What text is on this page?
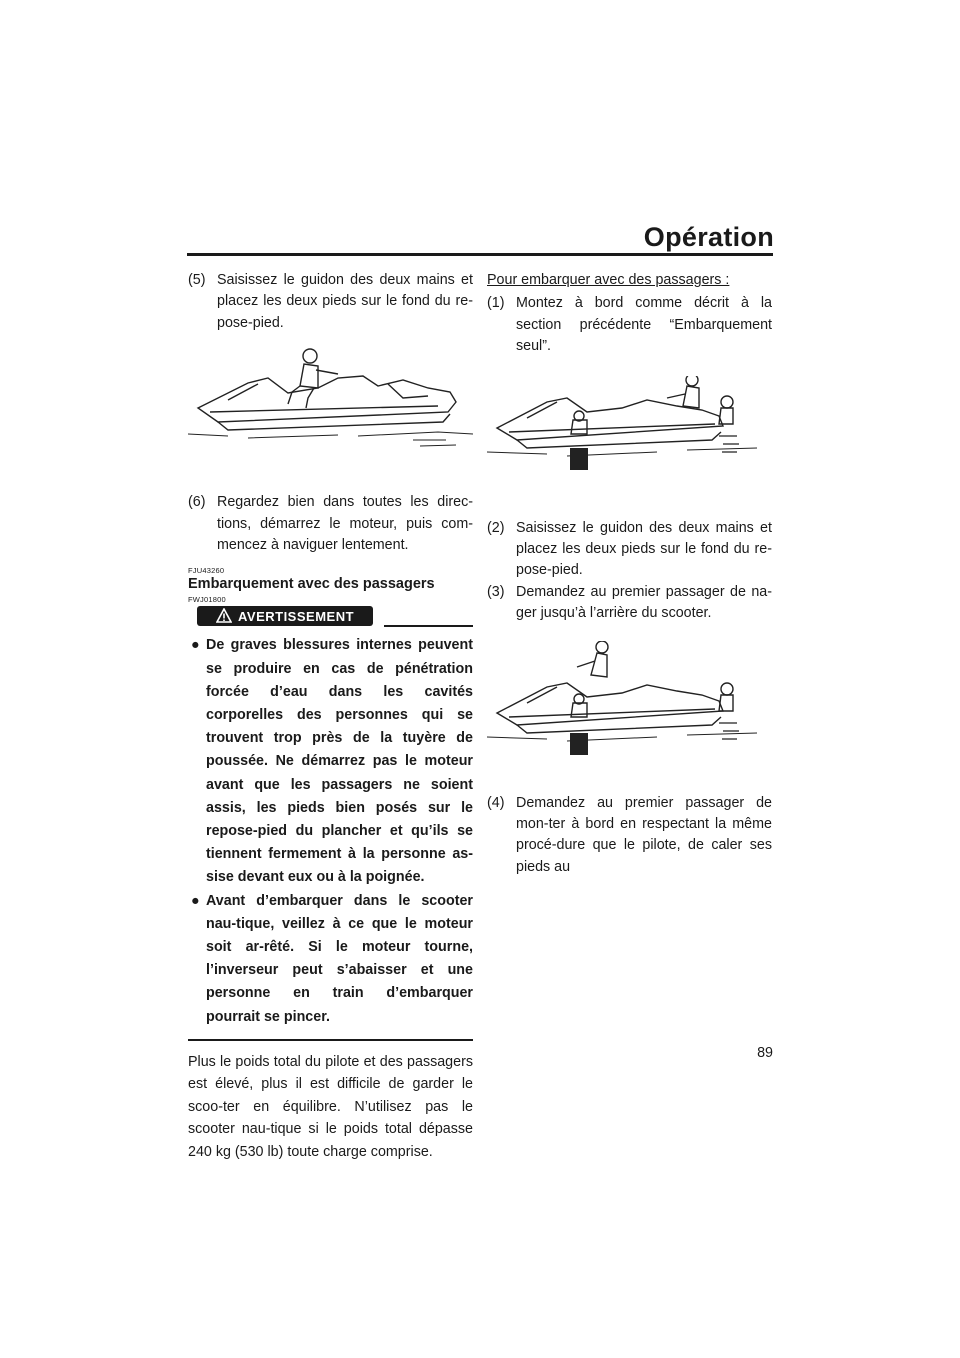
Opération
(5) Saisissez le guidon des deux mains et placez les deux pieds sur le fond du re-pose-pied.
(6) Regardez bien dans toutes les direc-tions, démarrez le moteur, puis com-mencez à naviguer lentement.
FJU43260
Embarquement avec des passagers
FWJ01800
AVERTISSEMENT
● De graves blessures internes peuvent se produire en cas de pénétration forcée d’eau dans les cavités corporelles des personnes qui se trouvent trop près de la tuyère de poussée. Ne démarrez pas le moteur avant que les passagers ne soient assis, les pieds bien posés sur le repose-pied du plancher et qu’ils se tiennent fermement à la personne as-sise devant eux ou à la poignée.
● Avant d’embarquer dans le scooter nau-tique, veillez à ce que le moteur soit ar-rêté. Si le moteur tourne, l’inverseur peut s’abaisser et une personne en train d’embarquer pourrait se pincer.
Plus le poids total du pilote et des passagers est élevé, plus il est difficile de garder le scoo-ter en équilibre. N’utilisez pas le scooter nau-tique si le poids total dépasse 240 kg (530 lb) toute charge comprise.
Pour embarquer avec des passagers :
(1) Montez à bord comme décrit à la section précédente “Embarquement seul”.
(2) Saisissez le guidon des deux mains et placez les deux pieds sur le fond du re-pose-pied.
(3) Demandez au premier passager de na-ger jusqu’à l’arrière du scooter.
(4) Demandez au premier passager de mon-ter à bord en respectant la même procé-dure que le pilote, de caler ses pieds au
89
